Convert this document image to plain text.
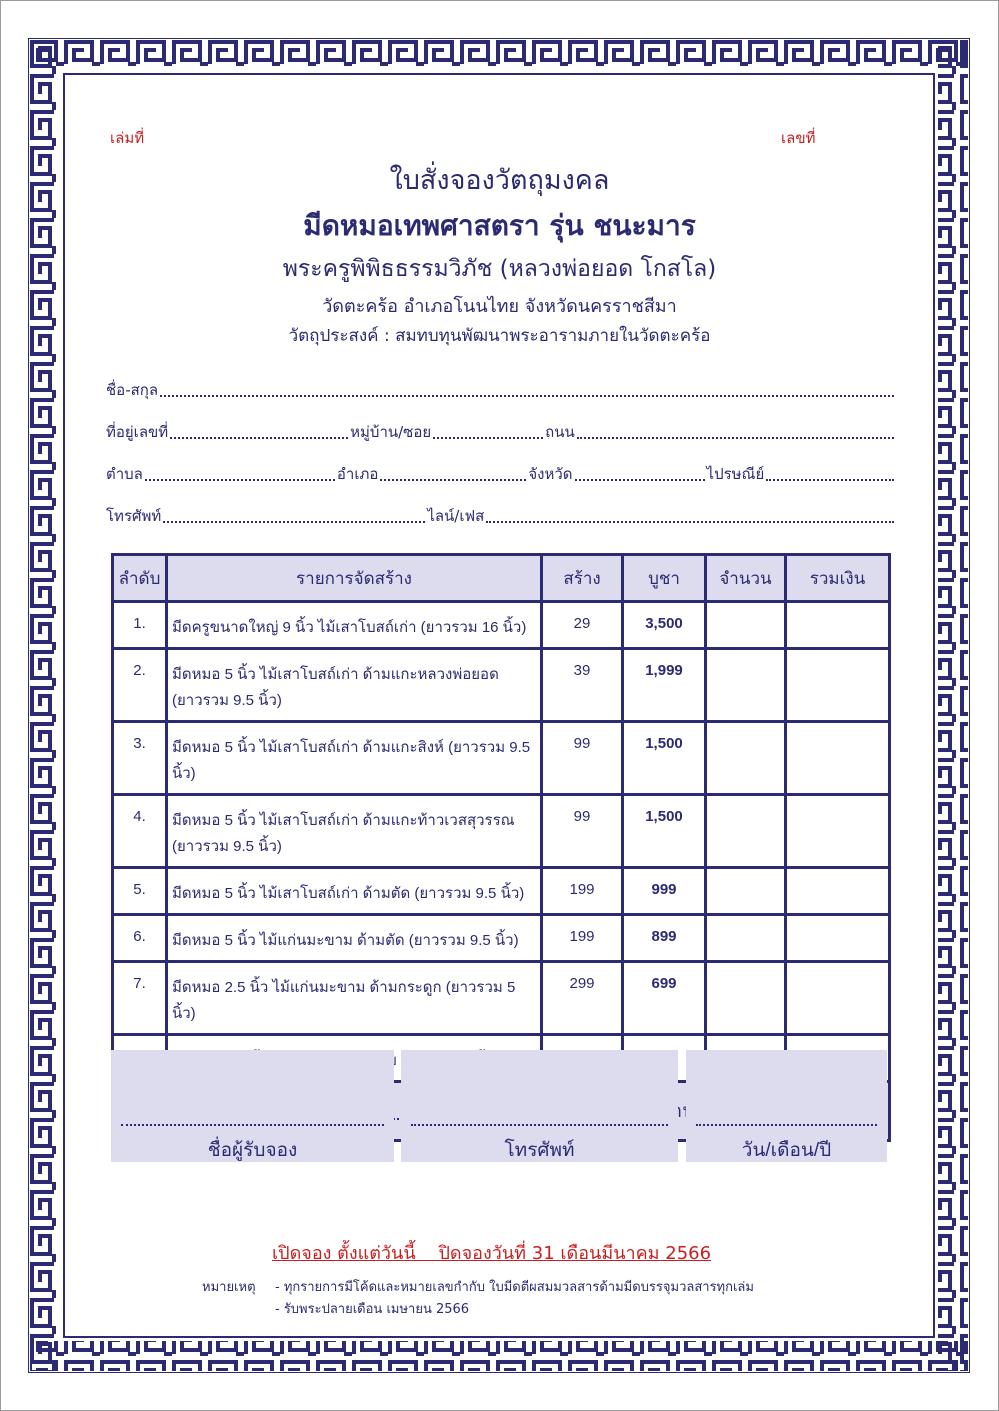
เล่มที่	เลขที่
ใบสั่งจองวัตถุมงคล
มีดหมอเทพศาสตรา รุ่น ชนะมาร
พระครูพิพิธธรรมวิภัช (หลวงพ่อยอด โกสโล)
วัดตะคร้อ อำเภอโนนไทย จังหวัดนครราชสีมา
วัตถุประสงค์ : สมทบทุนพัฒนาพระอารามภายในวัดตะคร้อ
ชื่อ-สกุล
ที่อยู่เลขที่	หมู่บ้าน/ซอย	ถนน
ตำบล	อำเภอ	จังหวัด	ไปรษณีย์
โทรศัพท์	ไลน์/เฟส
ลำดับ	รายการจัดสร้าง	สร้าง	บูชา	จำนวน	รวมเงิน
1.	มีดครูขนาดใหญ่ 9 นิ้ว ไม้เสาโบสถ์เก่า (ยาวรวม 16 นิ้ว)	29	3,500		
2.	มีดหมอ 5 นิ้ว ไม้เสาโบสถ์เก่า ด้ามแกะหลวงพ่อยอด
(ยาวรวม 9.5 นิ้ว)	39	1,999		
3.	มีดหมอ 5 นิ้ว ไม้เสาโบสถ์เก่า ด้ามแกะสิงห์ (ยาวรวม 9.5 นิ้ว)	99	1,500		
4.	มีดหมอ 5 นิ้ว ไม้เสาโบสถ์เก่า ด้ามแกะท้าวเวสสุวรรณ
(ยาวรวม 9.5 นิ้ว)	99	1,500		
5.	มีดหมอ 5 นิ้ว ไม้เสาโบสถ์เก่า ด้ามตัด (ยาวรวม 9.5 นิ้ว)	199	999		
6.	มีดหมอ 5 นิ้ว ไม้แก่นมะขาม ด้ามตัด (ยาวรวม 9.5 นิ้ว)	199	899		
7.	มีดหมอ 2.5 นิ้ว ไม้แก่นมะขาม ด้ามกระดูก (ยาวรวม 5 นิ้ว)	299	699		

ชื่อผู้รับจอง	โทรศัพท์	วัน/เดือน/ปี
เปิดจอง ตั้งแต่วันนี้    ปิดจองวันที่ 31 เดือนมีนาคม 2566
หมายเหตุ - ทุกรายการมีโค้ดและหมายเลขกำกับ ใบมีดตีผสมมวลสารด้ามมีดบรรจุมวลสารทุกเล่ม
- รับพระปลายเดือน เมษายน 2566
